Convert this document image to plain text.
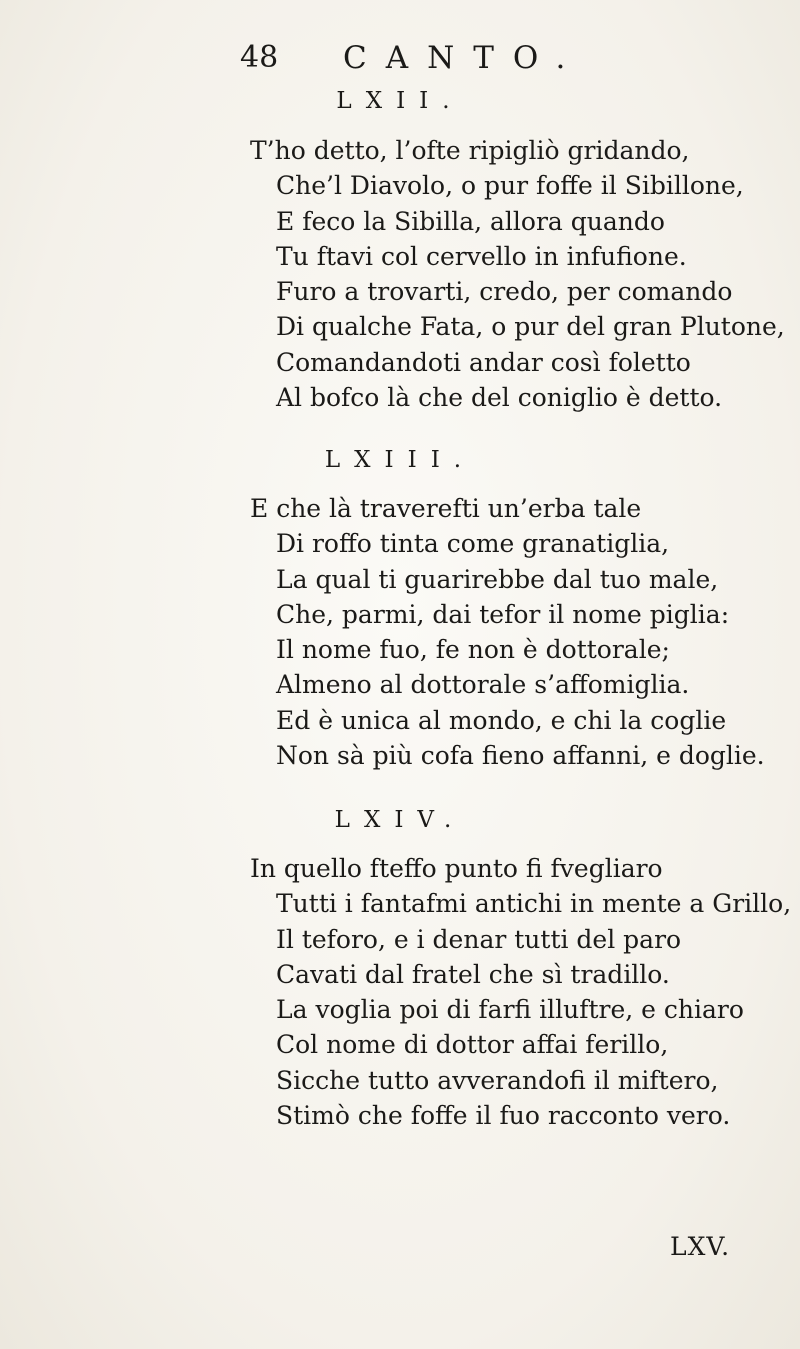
48 CANTO.
LXII.
T’ho detto, l’ofte ripigliò gridando,
Che’l Diavolo, o pur foffe il Sibillone,
E feco la Sibilla, allora quando
Tu ftavi col cervello in infufione.
Furo a trovarti, credo, per comando
Di qualche Fata, o pur del gran Plutone,
Comandandoti andar così foletto
Al bofco là che del coniglio è detto.
LXIII.
E che là traverefti un’erba tale
Di roffo tinta come granatiglia,
La qual ti guarirebbe dal tuo male,
Che, parmi, dai tefor il nome piglia:
Il nome fuo, fe non è dottorale;
Almeno al dottorale s’affomiglia.
Ed è unica al mondo, e chi la coglie
Non sà più cofa fieno affanni, e doglie.
LXIV.
In quello fteffo punto fi fvegliaro
Tutti i fantafmi antichi in mente a Grillo,
Il teforo, e i denar tutti del paro
Cavati dal fratel che sì tradillo.
La voglia poi di farfi illuftre, e chiaro
Col nome di dottor affai ferillo,
Sicche tutto avverandofi il mifterо,
Stimò che foffe il fuo racconto vero.
LXV.
